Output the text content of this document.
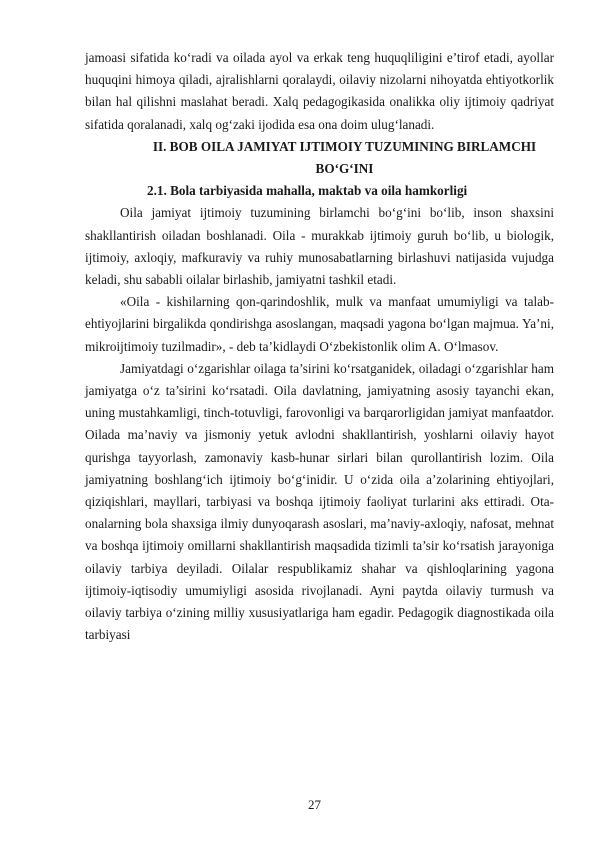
jamoasi sifatida ko‘radi va oilada ayol va erkak teng huquqliligini e’tirof etadi, ayollar huquqini himoya qiladi, ajralishlarni qoralaydi, oilaviy nizolarni nihoyatda ehtiyotkorlik bilan hal qilishni maslahat beradi. Xalq pedagogikasida onalikka oliy ijtimoiy qadriyat sifatida qoralanadi, xalq og‘zaki ijodida esa ona doim ulug‘lanadi.

II. BOB OILA JAMIYAT IJTIMOIY TUZUMINING BIRLAMCHI BO‘G‘INI

2.1. Bola tarbiyasida mahalla, maktab va oila hamkorligi

Oila jamiyat ijtimoiy tuzumining birlamchi bo‘g‘ini bo‘lib, inson shaxsini shakllantirish oiladan boshlanadi. Oila - murakkab ijtimoiy guruh bo‘lib, u biologik, ijtimoiy, axloqiy, mafkuraviy va ruhiy munosabatlarning birlashuvi natijasida vujudga keladi, shu sababli oilalar birlashib, jamiyatni tashkil etadi.

«Oila - kishilarning qon-qarindoshlik, mulk va manfaat umumiyligi va talab-ehtiyojlarini birgalikda qondirishga asoslangan, maqsadi yagona bo‘lgan majmua. Ya’ni, mikroijtimoiy tuzilmadir», - deb ta’kidlaydi O‘zbekistonlik olim A. O‘lmasov.

Jamiyatdagi o‘zgarishlar oilaga ta’sirini ko‘rsatganidek, oiladagi o‘zgarishlar ham jamiyatga o‘z ta’sirini ko‘rsatadi. Oila davlatning, jamiyatning asosiy tayanchi ekan, uning mustahkamligi, tinch-totuvligi, farovonligi va barqarorligidan jamiyat manfaatdor. Oilada ma’naviy va jismoniy yetuk avlodni shakllantirish, yoshlarni oilaviy hayot qurishga tayyorlash, zamonaviy kasb-hunar sirlari bilan qurollantirish lozim. Oila jamiyatning boshlang‘ich ijtimoiy bo‘g‘inidir. U o‘zida oila a’zolarining ehtiyojlari, qiziqishlari, mayllari, tarbiyasi va boshqa ijtimoiy faoliyat turlarini aks ettiradi. Ota-onalarning bola shaxsiga ilmiy dunyoqarash asoslari, ma’naviy-axloqiy, nafosat, mehnat va boshqa ijtimoiy omillarni shakllantirish maqsadida tizimli ta’sir ko‘rsatish jarayoniga oilaviy tarbiya deyiladi. Oilalar respublikamiz shahar va qishloqlarining yagona ijtimoiy-iqtisodiy umumiyligi asosida rivojlanadi. Ayni paytda oilaviy turmush va oilaviy tarbiya o‘zining milliy xususiyatlariga ham egadir. Pedagogik diagnostikada oila tarbiyasi

27
